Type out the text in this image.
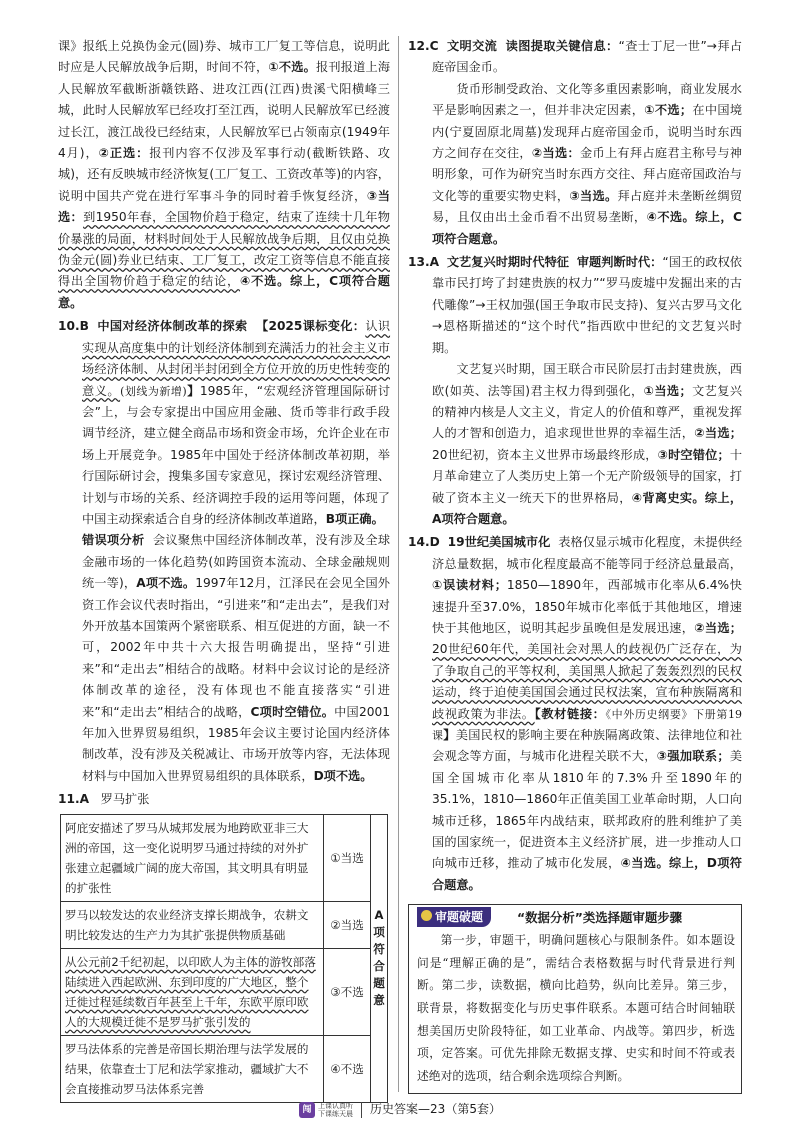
课》报纸上兑换伪金元(圆)券、城市工厂复工等信息，说明此时应是人民解放战争后期，时间不符，①不选。报刊报道上海人民解放军截断浙赣铁路、进攻江西(江西)贵溪弋阳横峰三城，此时人民解放军已经攻打至江西，说明人民解放军已经渡过长江，渡江战役已经结束，人民解放军已占领南京(1949年4月)，②正选：报刊内容不仅涉及军事行动(截断铁路、攻城)，还有反映城市经济恢复(工厂复工、工资改革等)的内容，说明中国共产党在进行军事斗争的同时着手恢复经济，③当选：到1950年春，全国物价趋于稳定，结束了连续十几年物价暴涨的局面，材料时间处于人民解放战争后期，且仅由兑换伪金元(圆)券业已结束、工厂复工，改定工资等信息不能直接得出全国物价趋于稳定的结论，④不选。综上，C项符合题意。

10.B 中国对经济体制改革的探索 【2025课标变化：认识实现从高度集中的计划经济体制到充满活力的社会主义市场经济体制、从封闭半封闭到全方位开放的历史性转变的意义。(划线为新增)】1985年，“宏观经济管理国际研讨会”上，与会专家提出中国应用金融、货币等非行政手段调节经济，建立健全商品市场和资金市场，允许企业在市场上开展竞争。1985年中国处于经济体制改革初期，举行国际研讨会，搜集多国专家意见，探讨宏观经济管理、计划与市场的关系、经济调控手段的运用等问题，体现了中国主动探索适合自身的经济体制改革道路，B项正确。

错误项分析 会议聚焦中国经济体制改革，没有涉及全球金融市场的一体化趋势(如跨国资本流动、全球金融规则统一等)，A项不选。1997年12月，江泽民在会见全国外资工作会议代表时指出，“引进来”和“走出去”，是我们对外开放基本国策两个紧密联系、相互促进的方面，缺一不可，2002年中共十六大报告明确提出，坚持“引进来”和“走出去”相结合的战略。材料中会议讨论的是经济体制改革的途径，没有体现也不能直接落实“引进来”和“走出去”相结合的战略，C项时空错位。中国2001年加入世界贸易组织，1985年会议主要讨论国内经济体制改革，没有涉及关税减让、市场开放等内容，无法体现材料与中国加入世界贸易组织的具体联系，D项不选。

11.A 罗马扩张

阿庇安描述了罗马从城邦发展为地跨欧亚非三大洲的帝国，这一变化说明罗马通过持续的对外扩张建立起疆域广阔的庞大帝国，其文明具有明显的扩张性	①当选	A项符合题意
罗马以较发达的农业经济支撑长期战争，农耕文明比较发达的生产力为其扩张提供物质基础	②当选	
从公元前2千纪初起，以印欧人为主体的游牧部落陆续进入西起欧洲、东到印度的广大地区，整个迁徙过程延续数百年甚至上千年，东欧平原印欧人的大规模迁徙不是罗马扩张引发的	③不选	
罗马法体系的完善是帝国长期治理与法学发展的结果，依靠查士丁尼和法学家推动，疆域扩大不会直接推动罗马法体系完善	④不选	

12.C 文明交流 读图提取关键信息：“查士丁尼一世”→拜占庭帝国金币。

货币形制受政治、文化等多重因素影响，商业发展水平是影响因素之一，但并非决定因素，①不选；在中国境内(宁夏固原北周墓)发现拜占庭帝国金币，说明当时东西方之间存在交往，②当选：金币上有拜占庭君主称号与神明形象，可作为研究当时东西方交往、拜占庭帝国政治与文化等的重要实物史料，③当选。拜占庭并未垄断丝绸贸易，且仅由出土金币看不出贸易垄断，④不选。综上，C项符合题意。

13.A 文艺复兴时期时代特征 审题判断时代：“国王的政权依靠市民打垮了封建贵族的权力”“罗马废墟中发掘出来的古代雕像”→王权加强(国王争取市民支持)、复兴古罗马文化→恩格斯描述的“这个时代”指西欧中世纪的文艺复兴时期。

文艺复兴时期，国王联合市民阶层打击封建贵族，西欧(如英、法等国)君主权力得到强化，①当选；文艺复兴的精神内核是人文主义，肯定人的价值和尊严，重视发挥人的才智和创造力，追求现世世界的幸福生活，②当选；20世纪初，资本主义世界市场最终形成，③时空错位；十月革命建立了人类历史上第一个无产阶级领导的国家，打破了资本主义一统天下的世界格局，④背离史实。综上，A项符合题意。

14.D 19世纪美国城市化 表格仅显示城市化程度，未提供经济总量数据，城市化程度最高不能等同于经济总量最高，①误读材料；1850—1890年，西部城市化率从6.4%快速提升至37.0%，1850年城市化率低于其他地区，增速快于其他地区，说明其起步虽晚但是发展迅速，②当选；20世纪60年代，美国社会对黑人的歧视仍广泛存在，为了争取自己的平等权利，美国黑人掀起了轰轰烈烈的民权运动，终于迫使美国国会通过民权法案，宣布种族隔离和歧视政策为非法。【教材链接：《中外历史纲要》下册第19课】美国民权的影响主要在种族隔离政策、法律地位和社会观念等方面，与城市化进程关联不大，③强加联系；美国全国城市化率从1810年的7.3%升至1890年的35.1%，1810—1860年正值美国工业革命时期，人口向城市迁移，1865年内战结束，联邦政府的胜利维护了美国的国家统一，促进资本主义经济扩展，进一步推动人口向城市迁移，推动了城市化发展，④当选。综上，D项符合题意。

审题破题	“数据分析”类选择题审题步骤

第一步，审题干，明确问题核心与限制条件。如本题设问是“理解正确的是”，需结合表格数据与时代背景进行判断。第二步，读数据，横向比趋势，纵向比差异。第三步，联背景，将数据变化与历史事件联系。本题可结合时间轴联想美国历史阶段特征，如工业革命、内战等。第四步，析选项，定答案。可优先排除无数据支撑、史实和时间不符或表述绝对的选项，结合剩余选项综合判断。

闯 上课认真听
下课练天晨 历史答案—23（第5套）
